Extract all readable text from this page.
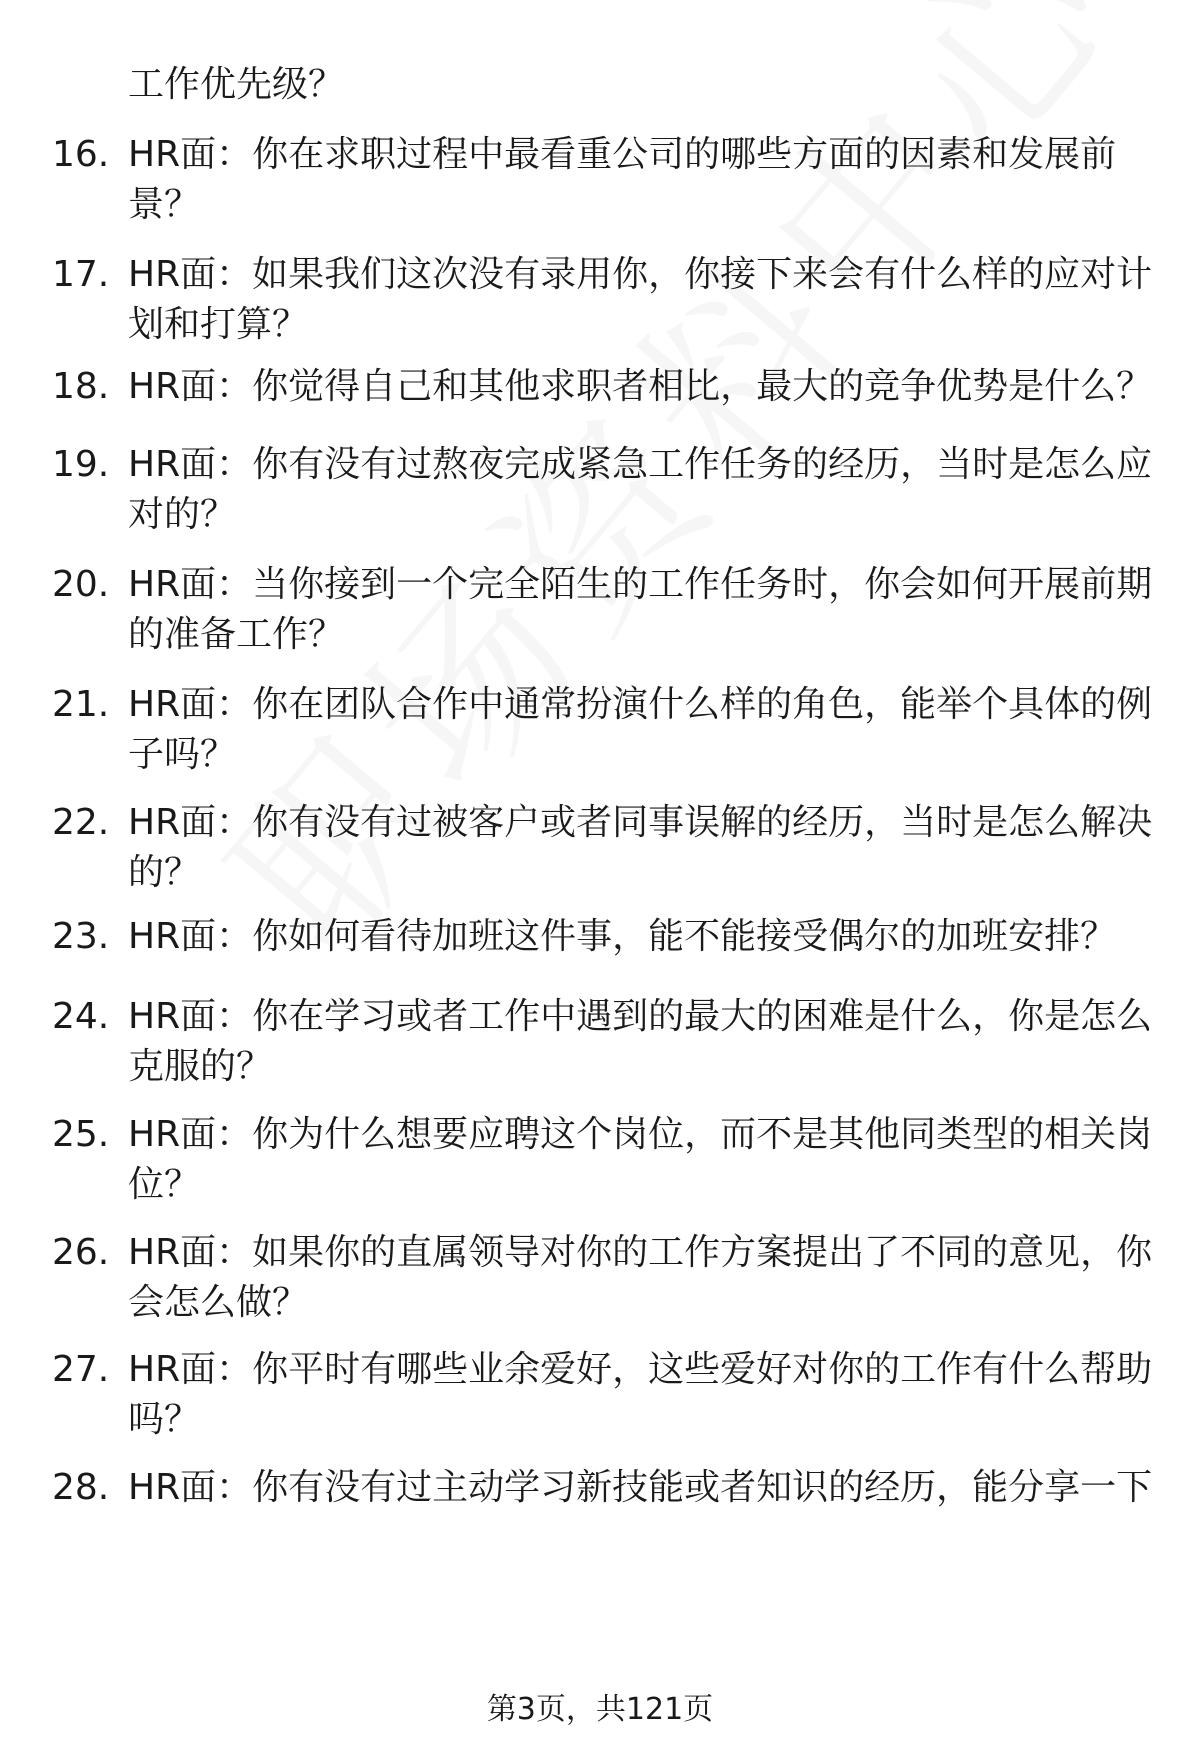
工作优先级？
16. HR面：你在求职过程中最看重公司的哪些方面的因素和发展前景？
17. HR面：如果我们这次没有录用你，你接下来会有什么样的应对计划和打算？
18. HR面：你觉得自己和其他求职者相比，最大的竞争优势是什么？
19. HR面：你有没有过熬夜完成紧急工作任务的经历，当时是怎么应对的？
20. HR面：当你接到一个完全陌生的工作任务时，你会如何开展前期的准备工作？
21. HR面：你在团队合作中通常扮演什么样的角色，能举个具体的例子吗？
22. HR面：你有没有过被客户或者同事误解的经历，当时是怎么解决的？
23. HR面：你如何看待加班这件事，能不能接受偶尔的加班安排？
24. HR面：你在学习或者工作中遇到的最大的困难是什么，你是怎么克服的？
25. HR面：你为什么想要应聘这个岗位，而不是其他同类型的相关岗位？
26. HR面：如果你的直属领导对你的工作方案提出了不同的意见，你会怎么做？
27. HR面：你平时有哪些业余爱好，这些爱好对你的工作有什么帮助吗？
28. HR面：你有没有过主动学习新技能或者知识的经历，能分享一下
第3页，共121页
